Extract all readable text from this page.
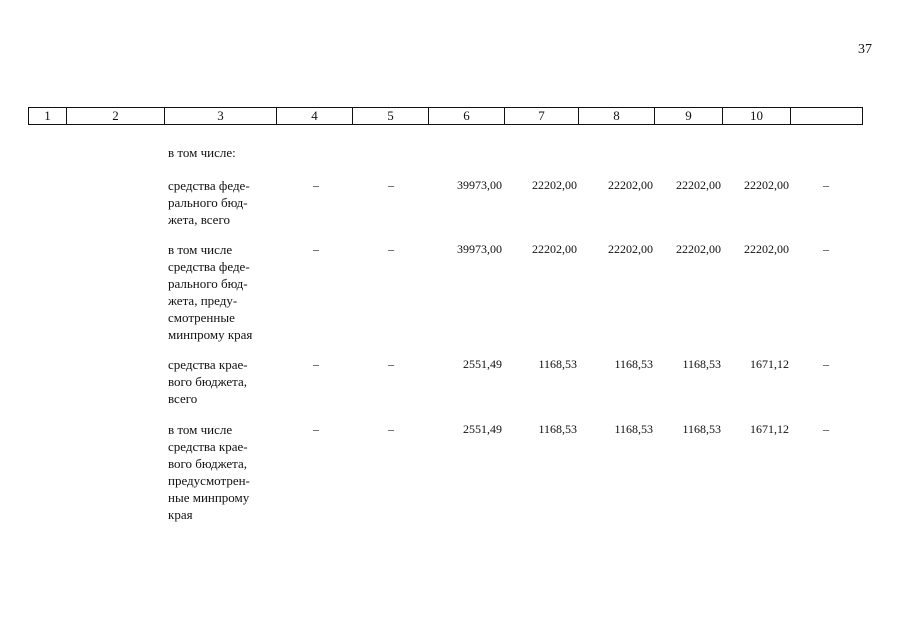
37
1	2	3	4	5	6	7	8	9	10	
в том числе:
средства феде-
рального бюд-
жета, всего
–	–	39973,00	22202,00	22202,00	22202,00	22202,00	–
в том числе
средства феде-
рального бюд-
жета, преду-
смотренные
минпрому края
–	–	39973,00	22202,00	22202,00	22202,00	22202,00	–
средства крае-
вого бюджета,
всего
–	–	2551,49	1168,53	1168,53	1168,53	1671,12	–
в том числе
средства крае-
вого бюджета,
предусмотрен-
ные минпрому
края
–	–	2551,49	1168,53	1168,53	1168,53	1671,12	–
